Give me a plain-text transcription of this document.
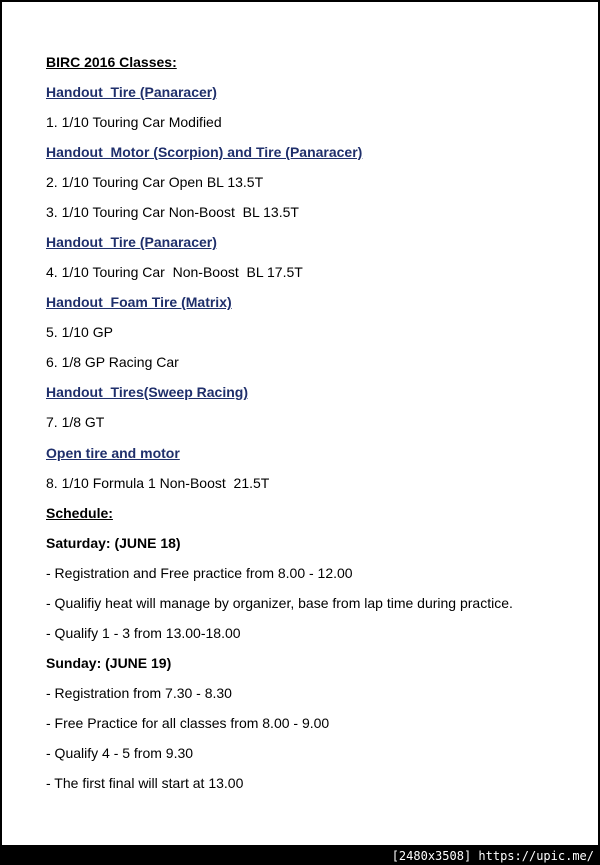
BIRC 2016 Classes:
Handout  Tire (Panaracer)
1. 1/10 Touring Car Modified
Handout  Motor (Scorpion) and Tire (Panaracer)
2. 1/10 Touring Car Open BL 13.5T
3. 1/10 Touring Car Non-Boost  BL 13.5T
Handout  Tire (Panaracer)
4. 1/10 Touring Car  Non-Boost  BL 17.5T
Handout  Foam Tire (Matrix)
5. 1/10 GP
6. 1/8 GP Racing Car
Handout  Tires(Sweep Racing)
7. 1/8 GT
Open tire and motor
8. 1/10 Formula 1 Non-Boost  21.5T
Schedule:
Saturday: (JUNE 18)
- Registration and Free practice from 8.00 - 12.00
- Qualifiy heat will manage by organizer, base from lap time during practice.
- Qualify 1 - 3 from 13.00-18.00
Sunday: (JUNE 19)
- Registration from 7.30 - 8.30
- Free Practice for all classes from 8.00 - 9.00
- Qualify 4 - 5 from 9.30
- The first final will start at 13.00
[2480x3508] https://upic.me/
